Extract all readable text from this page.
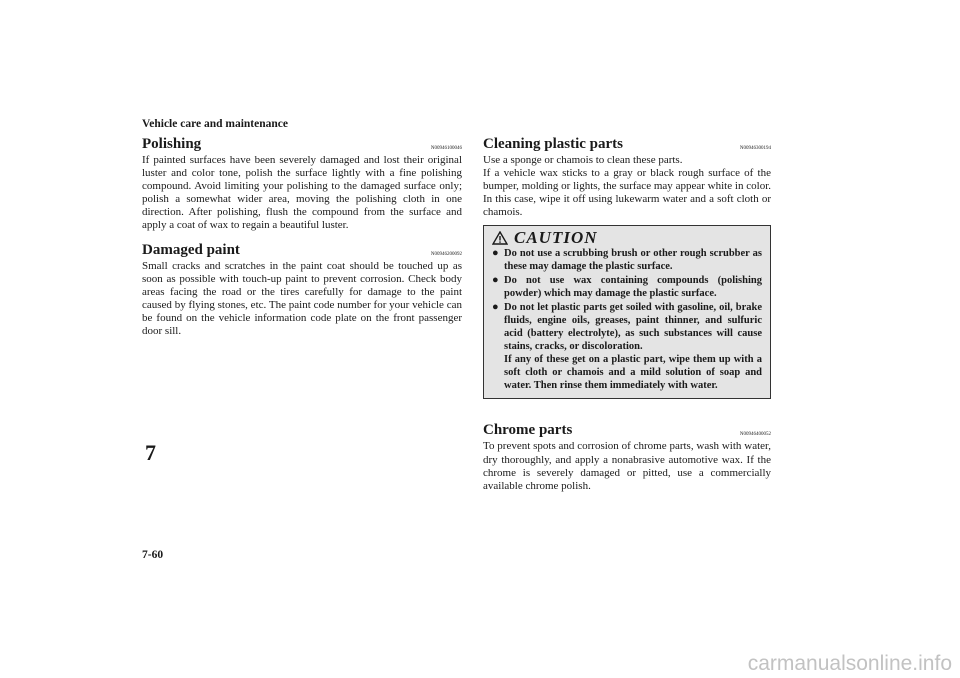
Vehicle care and maintenance
Polishing	N00946100046

If painted surfaces have been severely damaged and lost their original luster and color tone, polish the surface lightly with a fine polishing compound. Avoid limiting your polishing to the damaged surface only; polish a somewhat wider area, moving the polishing cloth in one direction. After polishing, flush the compound from the surface and apply a coat of wax to regain a beautiful luster.

Damaged paint	N00946200092

Small cracks and scratches in the paint coat should be touched up as soon as possible with touch-up paint to prevent corrosion. Check body areas facing the road or the tires carefully for damage to the paint caused by flying stones, etc. The paint code number for your vehicle can be found on the vehicle information code plate on the front passenger door sill.

Cleaning plastic parts	N00946300194

Use a sponge or chamois to clean these parts.

If a vehicle wax sticks to a gray or black rough surface of the bumper, molding or lights, the surface may appear white in color. In this case, wipe it off using lukewarm water and a soft cloth or chamois.

CAUTION
● Do not use a scrubbing brush or other rough scrubber as these may damage the plastic surface.
● Do not use wax containing compounds (polishing powder) which may damage the plastic surface.
● Do not let plastic parts get soiled with gasoline, oil, brake fluids, engine oils, greases, paint thinner, and sulfuric acid (battery electrolyte), as such substances will cause stains, cracks, or discoloration.
If any of these get on a plastic part, wipe them up with a soft cloth or chamois and a mild solution of soap and water. Then rinse them immediately with water.
Chrome parts	N00946400052

To prevent spots and corrosion of chrome parts, wash with water, dry thoroughly, and apply a nonabrasive automotive wax. If the chrome is severely damaged or pitted, use a commercially available chrome polish.

7
7-60
carmanualsonline.info
